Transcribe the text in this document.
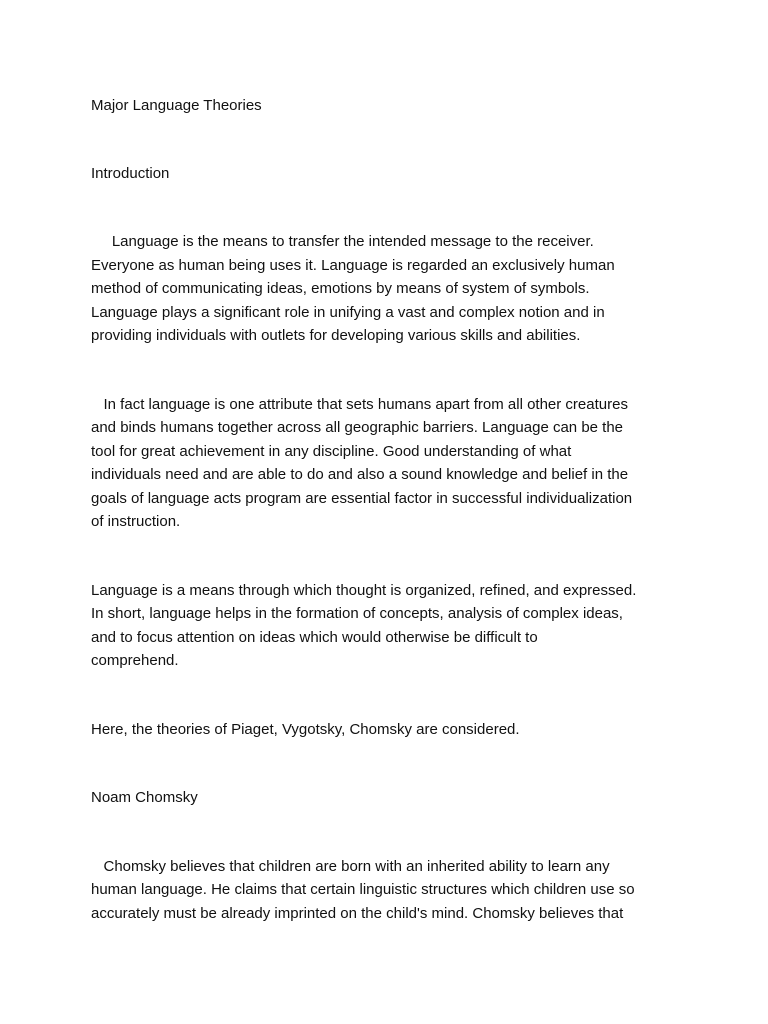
Major Language Theories
Introduction
Language is the means to transfer the intended message to the receiver.
Everyone as human being uses it. Language is regarded an exclusively human
method of communicating ideas, emotions by means of system of symbols.
Language plays a significant role in unifying a vast and complex notion and in
providing individuals with outlets for developing various skills and abilities.
In fact language is one attribute that sets humans apart from all other creatures
and binds humans together across all geographic barriers. Language can be the
tool for great achievement in any discipline. Good understanding of what
individuals need and are able to do and also a sound knowledge and belief in the
goals of language acts program are essential factor in successful individualization
of instruction.
Language is a means through which thought is organized, refined, and expressed.
In short, language helps in the formation of concepts, analysis of complex ideas,
and to focus attention on ideas which would otherwise be difficult to
comprehend.
Here, the theories of Piaget, Vygotsky, Chomsky are considered.
Noam Chomsky
Chomsky believes that children are born with an inherited ability to learn any
human language. He claims that certain linguistic structures which children use so
accurately must be already imprinted on the child's mind. Chomsky believes that
